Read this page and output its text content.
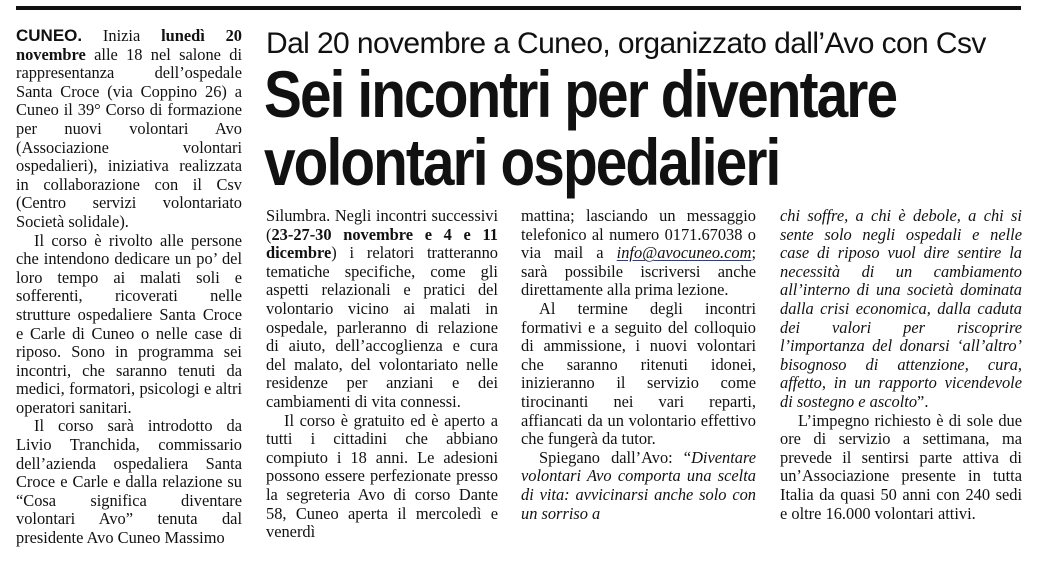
Dal 20 novembre a Cuneo, organizzato dall’Avo con Csv
Sei incontri per diventare
volontari ospedalieri

CUNEO. Inizia lunedì 20 novembre alle 18 nel salone di rappresentanza dell’ospedale Santa Croce (via Coppino 26) a Cuneo il 39° Corso di formazione per nuovi volontari Avo (Associazione volontari ospedalieri), iniziativa realizzata in collaborazione con il Csv (Centro servizi volontariato Società solidale).

Il corso è rivolto alle persone che intendono dedicare un po’ del loro tempo ai malati soli e sofferenti, ricoverati nelle strutture ospedaliere Santa Croce e Carle di Cuneo o nelle case di riposo. Sono in programma sei incontri, che saranno tenuti da medici, formatori, psicologi e altri operatori sanitari.

Il corso sarà introdotto da Livio Tranchida, commissario dell’azienda ospedaliera Santa Croce e Carle e dalla relazione su “Cosa significa diventare volontari Avo” tenuta dal presidente Avo Cuneo Massimo

Silumbra. Negli incontri successivi (23-27-30 novembre e 4 e 11 dicembre) i relatori tratteranno tematiche specifiche, come gli aspetti relazionali e pratici del volontario vicino ai malati in ospedale, parleranno di relazione di aiuto, dell’accoglienza e cura del malato, del volontariato nelle residenze per anziani e dei cambiamenti di vita connessi.

Il corso è gratuito ed è aperto a tutti i cittadini che abbiano compiuto i 18 anni. Le adesioni possono essere perfezionate presso la segreteria Avo di corso Dante 58, Cuneo aperta il mercoledì e venerdì

mattina; lasciando un messaggio telefonico al numero 0171.67038 o via mail a info@avocuneo.com; sarà possibile iscriversi anche direttamente alla prima lezione.

Al termine degli incontri formativi e a seguito del colloquio di ammissione, i nuovi volontari che saranno ritenuti idonei, inizieranno il servizio come tirocinanti nei vari reparti, affiancati da un volontario effettivo che fungerà da tutor.

Spiegano dall’Avo: “Diventare volontari Avo comporta una scelta di vita: avvicinarsi anche solo con un sorriso a

chi soffre, a chi è debole, a chi si sente solo negli ospedali e nelle case di riposo vuol dire sentire la necessità di un cambiamento all’interno di una società dominata dalla crisi economica, dalla caduta dei valori per riscoprire l’importanza del donarsi ‘all’altro’ bisognoso di attenzione, cura, affetto, in un rapporto vicendevole di sostegno e ascolto”.

L’impegno richiesto è di sole due ore di servizio a settimana, ma prevede il sentirsi parte attiva di un’Associazione presente in tutta Italia da quasi 50 anni con 240 sedi e oltre 16.000 volontari attivi.
